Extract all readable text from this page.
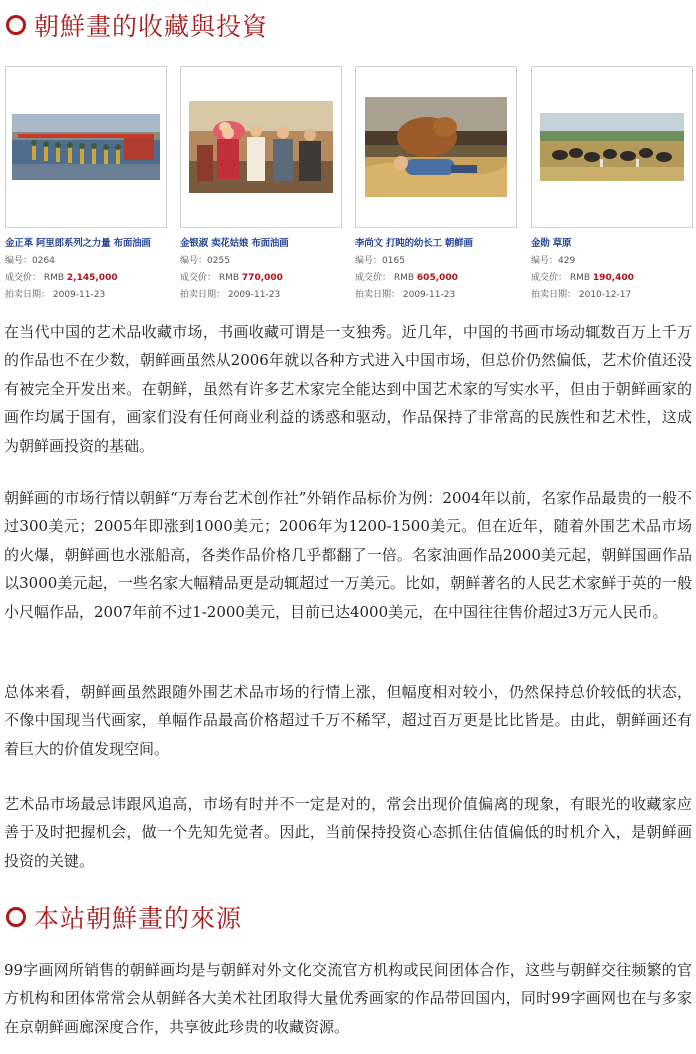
朝鮮畫的收藏與投資
金正革 阿里郎系列之力量 布面油画
编号：0264
成交价： RMB 2,145,000
拍卖日期： 2009-11-23
金银淑 卖花姑娘 布面油画
编号：0255
成交价： RMB 770,000
拍卖日期： 2009-11-23
李尚文 打盹的幼长工 朝鲜画
编号：0165
成交价： RMB 605,000
拍卖日期： 2009-11-23
金勋 草原
编号：429
成交价： RMB 190,400
拍卖日期： 2010-12-17

在当代中国的艺术品收藏市场，书画收藏可谓是一支独秀。近几年，中国的书画市场动辄数百万上千万的作品也不在少数，朝鲜画虽然从2006年就以各种方式进入中国市场，但总价仍然偏低，艺术价值还没有被完全开发出来。在朝鲜，虽然有许多艺术家完全能达到中国艺术家的写实水平，但由于朝鲜画家的画作均属于国有，画家们没有任何商业利益的诱惑和驱动，作品保持了非常高的民族性和艺术性，这成为朝鲜画投资的基础。

朝鲜画的市场行情以朝鲜“万寿台艺术创作社”外销作品标价为例：2004年以前，名家作品最贵的一般不过300美元；2005年即涨到1000美元；2006年为1200-1500美元。但在近年，随着外围艺术品市场的火爆，朝鲜画也水涨船高，各类作品价格几乎都翻了一倍。名家油画作品2000美元起，朝鲜国画作品以3000美元起，一些名家大幅精品更是动辄超过一万美元。比如，朝鲜著名的人民艺术家鲜于英的一般小尺幅作品，2007年前不过1-2000美元，目前已达4000美元，在中国往往售价超过3万元人民币。

总体来看，朝鲜画虽然跟随外围艺术品市场的行情上涨，但幅度相对较小，仍然保持总价较低的状态，不像中国现当代画家，单幅作品最高价格超过千万不稀罕，超过百万更是比比皆是。由此，朝鲜画还有着巨大的价值发现空间。

艺术品市场最忌讳跟风追高，市场有时并不一定是对的，常会出现价值偏离的现象，有眼光的收藏家应善于及时把握机会，做一个先知先觉者。因此，当前保持投资心态抓住估值偏低的时机介入，是朝鲜画投资的关键。

本站朝鮮畫的來源

99字画网所销售的朝鲜画均是与朝鲜对外文化交流官方机构或民间团体合作，这些与朝鲜交往频繁的官方机构和团体常常会从朝鲜各大美术社团取得大量优秀画家的作品带回国内，同时99字画网也在与多家在京朝鲜画廊深度合作，共享彼此珍贵的收藏资源。
